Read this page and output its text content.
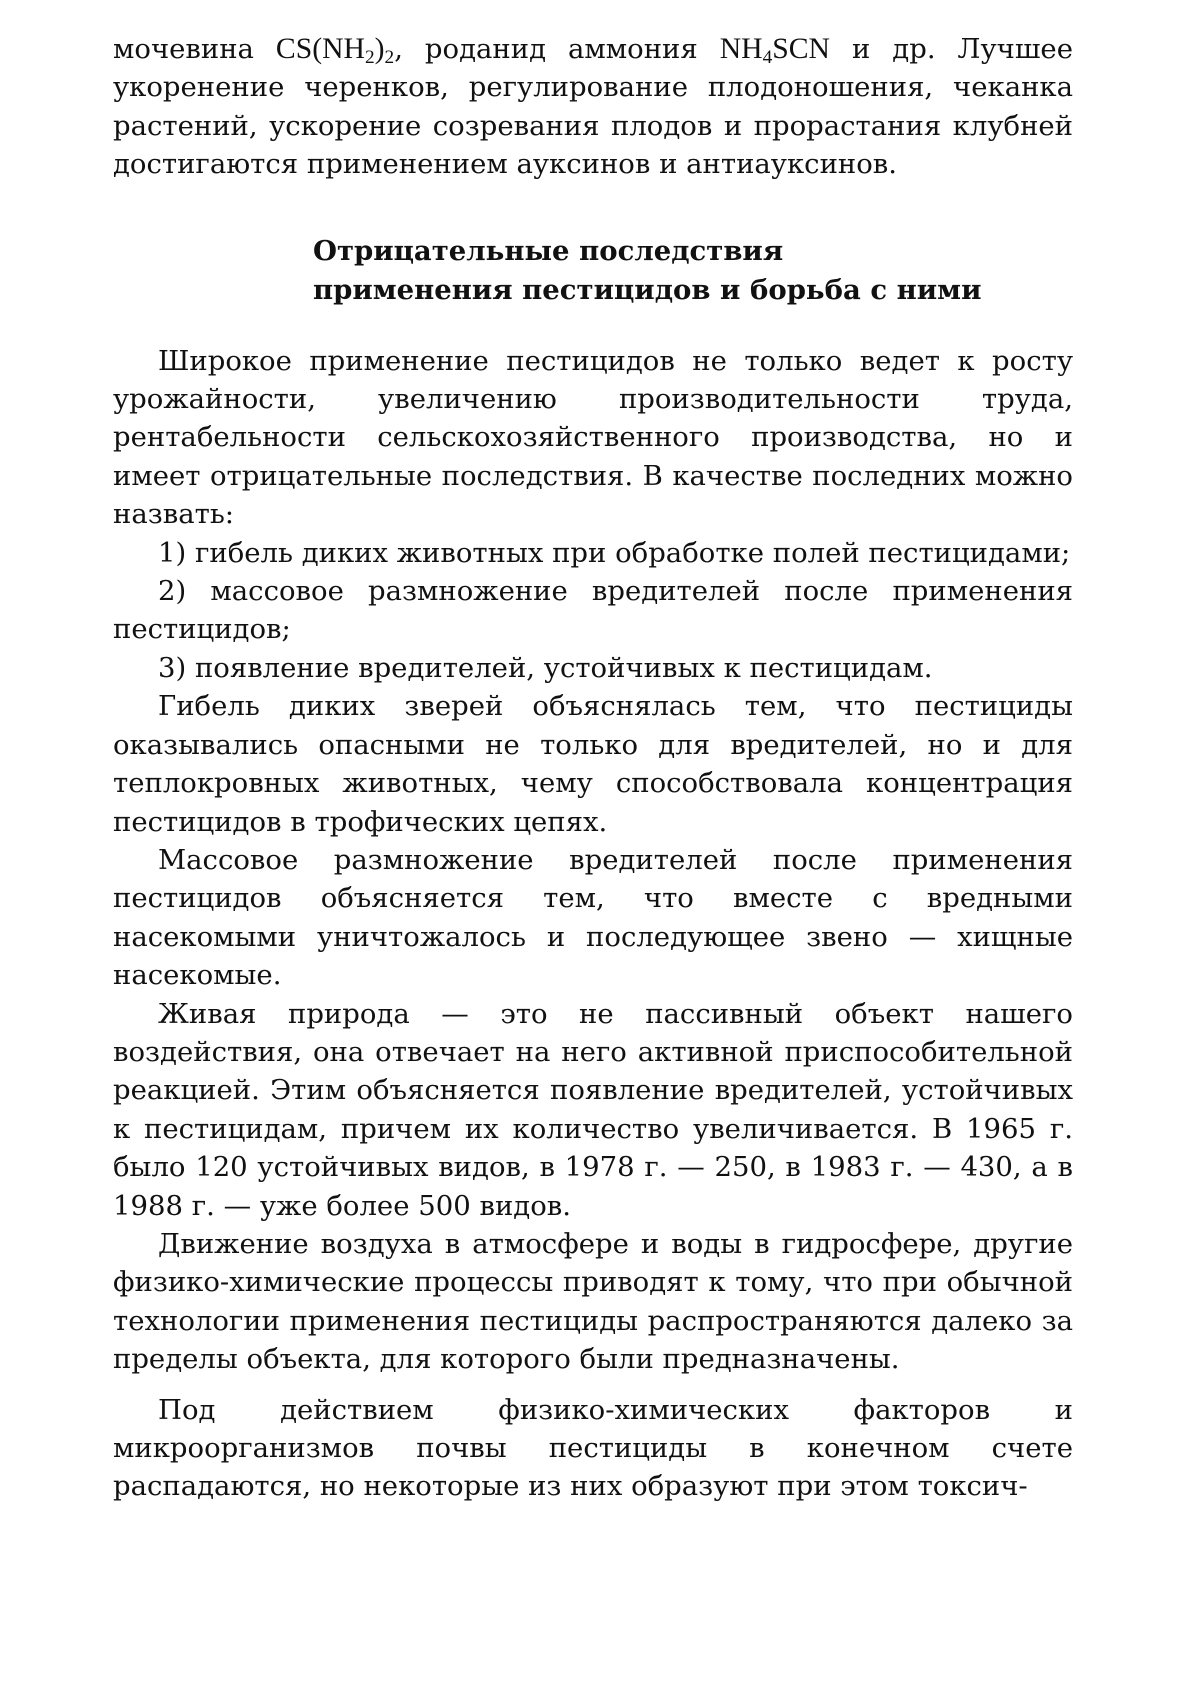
мочевина $CS(NH_2)_2$, роданид аммония $NH_4SCN$ и др. Лучшее укоренение черенков, регулирование плодоношения, чеканка растений, ускорение созревания плодов и прорастания клубней достигаются применением ауксинов и антиауксинов.

Отрицательные последствия
применения пестицидов и борьба с ними

Широкое применение пестицидов не только ведет к росту урожайности, увеличению производительности труда, рентабельности сельскохозяйственного производства, но и имеет отрицательные последствия. В качестве последних можно назвать:

1) гибель диких животных при обработке полей пестицидами;

2) массовое размножение вредителей после применения пестицидов;

3) появление вредителей, устойчивых к пестицидам.

Гибель диких зверей объяснялась тем, что пестициды оказывались опасными не только для вредителей, но и для теплокровных животных, чему способствовала концентрация пестицидов в трофических цепях.

Массовое размножение вредителей после применения пестицидов объясняется тем, что вместе с вредными насекомыми уничтожалось и последующее звено — хищные насекомые.

Живая природа — это не пассивный объект нашего воздействия, она отвечает на него активной приспособительной реакцией. Этим объясняется появление вредителей, устойчивых к пестицидам, причем их количество увеличивается. В 1965 г. было 120 устойчивых видов, в 1978 г. — 250, в 1983 г. — 430, а в 1988 г. — уже более 500 видов.

Движение воздуха в атмосфере и воды в гидросфере, другие физико-химические процессы приводят к тому, что при обычной технологии применения пестициды распространяются далеко за пределы объекта, для которого были предназначены.

Под действием физико-химических факторов и микроорганизмов почвы пестициды в конечном счете распадаются, но некоторые из них образуют при этом токсич-
